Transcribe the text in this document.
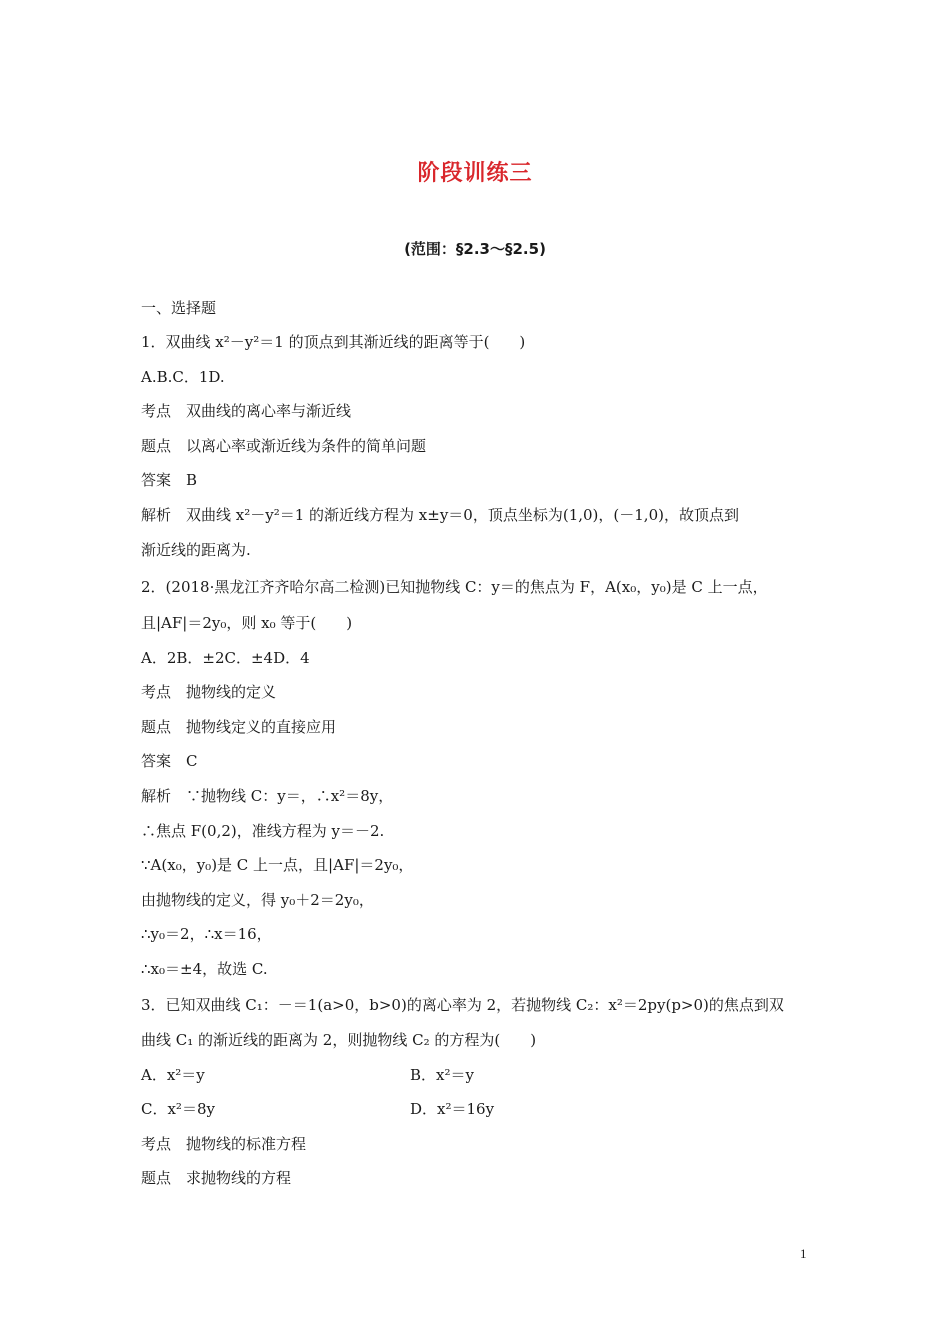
阶段训练三
(范围：§2.3～§2.5)
一、选择题
1．双曲线 x²－y²＝1 的顶点到其渐近线的距离等于(　　)
A.B.C．1D.
考点　双曲线的离心率与渐近线
题点　以离心率或渐近线为条件的简单问题
答案　B
解析　双曲线 x²－y²＝1 的渐近线方程为 x±y＝0，顶点坐标为(1,0)，(－1,0)，故顶点到
渐近线的距离为.
2．(2018·黑龙江齐齐哈尔高二检测)已知抛物线 C：y＝的焦点为 F，A(x₀，y₀)是 C 上一点，
且|AF|＝2y₀，则 x₀ 等于(　　)
A．2B．±2C．±4D．4
考点　抛物线的定义
题点　抛物线定义的直接应用
答案　C
解析　∵抛物线 C：y＝，∴x²＝8y，
∴焦点 F(0,2)，准线方程为 y＝－2.
∵A(x₀，y₀)是 C 上一点，且|AF|＝2y₀，
由抛物线的定义，得 y₀＋2＝2y₀，
∴y₀＝2，∴x＝16，
∴x₀＝±4，故选 C.
3．已知双曲线 C₁：－＝1(a>0，b>0)的离心率为 2，若抛物线 C₂：x²＝2py(p>0)的焦点到双
曲线 C₁ 的渐近线的距离为 2，则抛物线 C₂ 的方程为(　　)
A．x²＝y	B．x²＝y
C．x²＝8y	D．x²＝16y
考点　抛物线的标准方程
题点　求抛物线的方程
1
